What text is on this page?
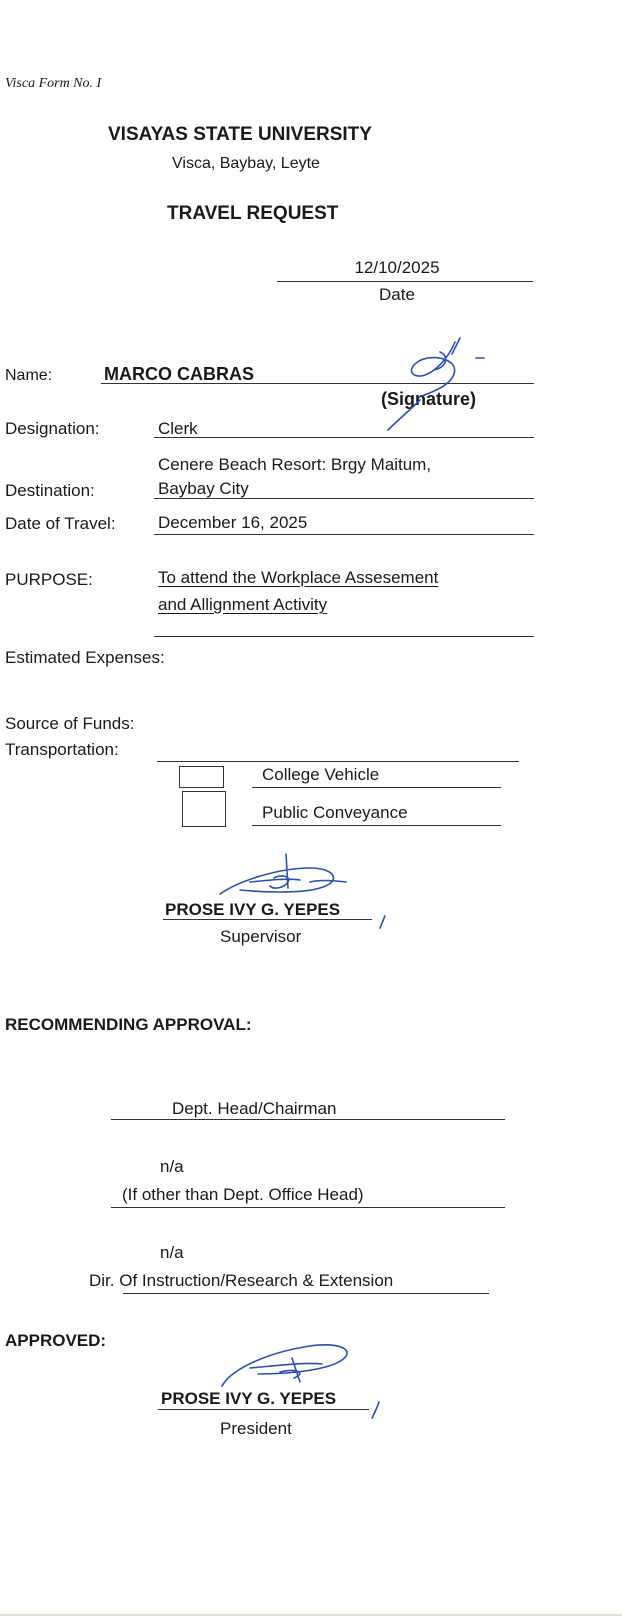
Visca Form No. I
VISAYAS STATE UNIVERSITY
Visca, Baybay, Leyte
TRAVEL REQUEST
12/10/2025
Date
Name:	MARCO CABRAS
(Signature)
Designation:	Clerk
Cenere Beach Resort: Brgy Maitum,
Destination:	Baybay City
Date of Travel: December 16, 2025
PURPOSE:	To attend the Workplace Assesement
and Allignment Activity
Estimated Expenses:
Source of Funds:
Transportation:
College Vehicle
Public Conveyance
PROSE IVY G. YEPES
Supervisor
RECOMMENDING APPROVAL:
Dept. Head/Chairman
n/a
(If other than Dept. Office Head)
n/a
Dir. Of Instruction/Research & Extension
APPROVED:
PROSE IVY G. YEPES
President
